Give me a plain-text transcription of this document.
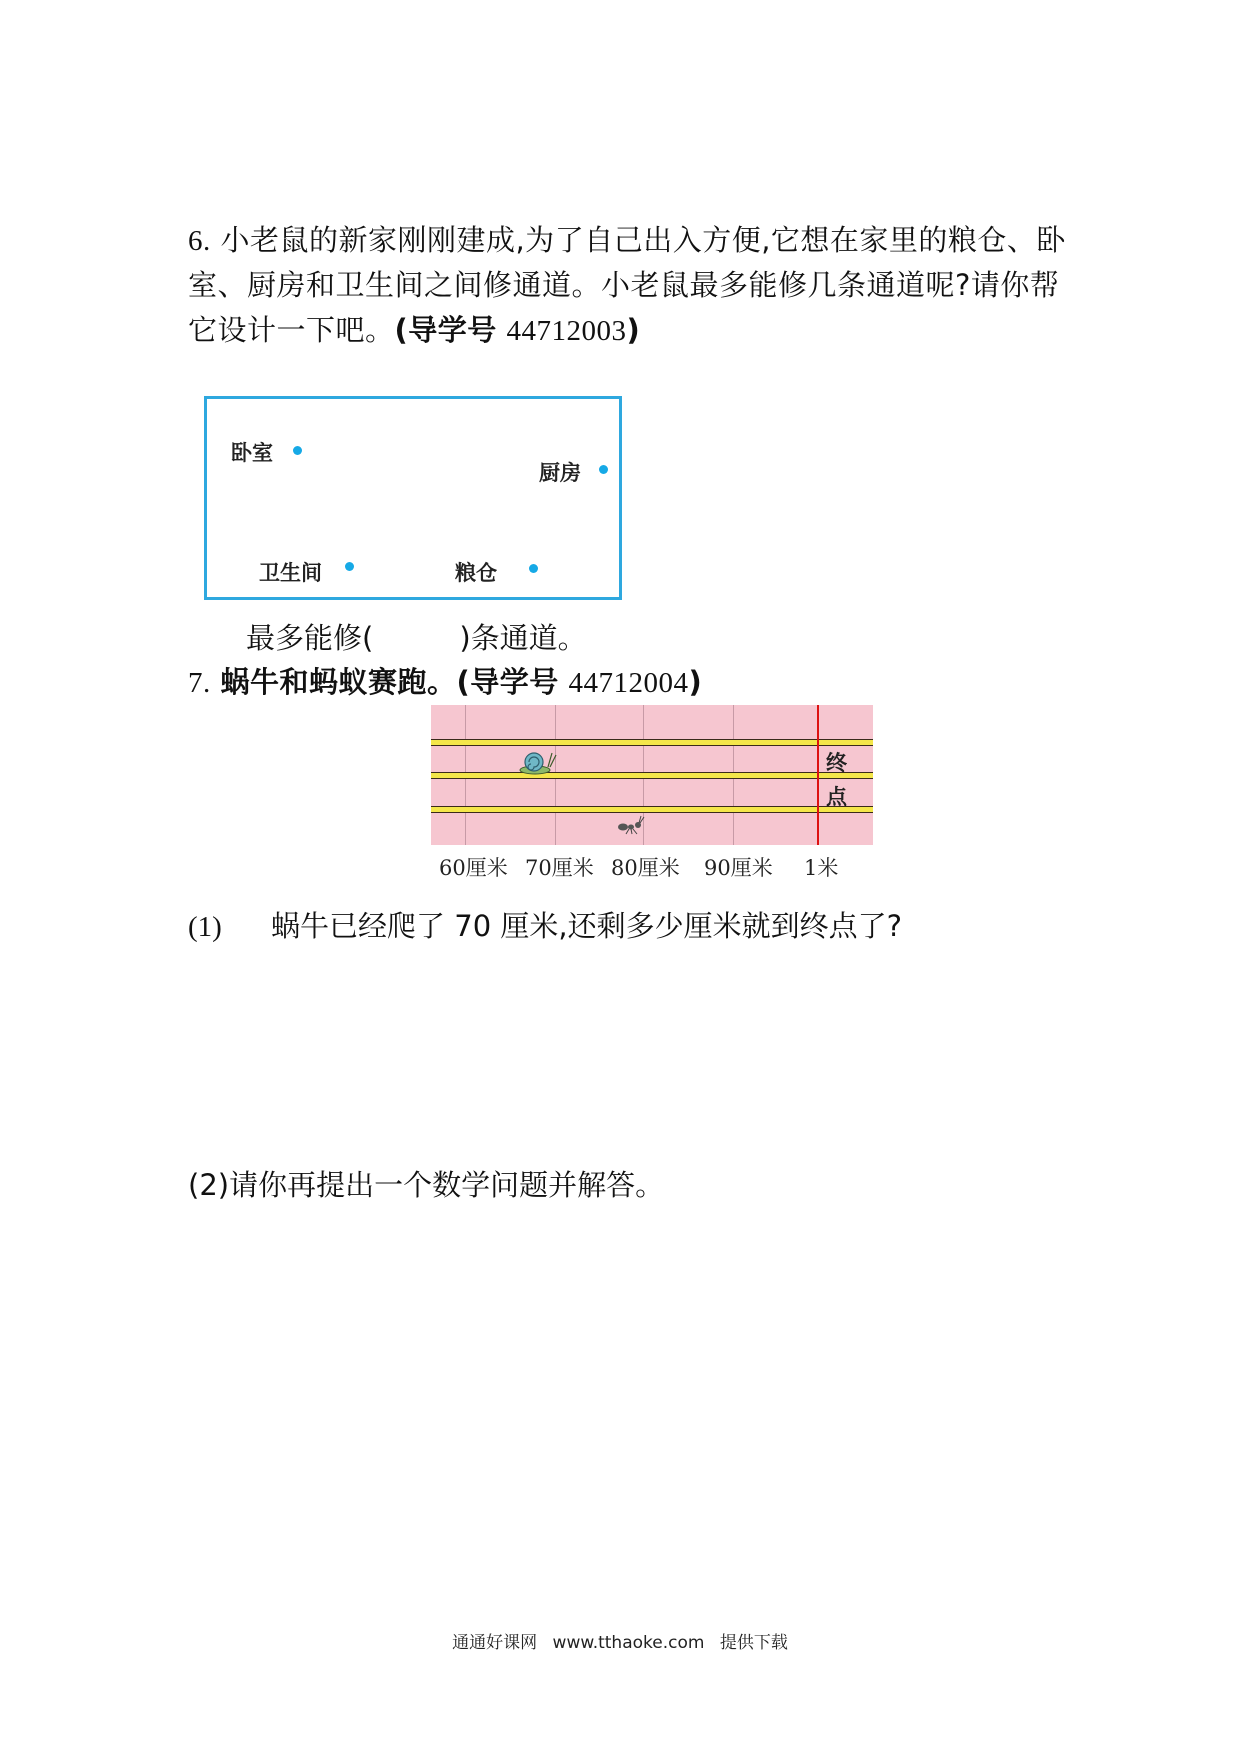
6. 小老鼠的新家刚刚建成,为了自己出入方便,它想在家里的粮仓、卧
室、厨房和卫生间之间修通道。小老鼠最多能修几条通道呢?请你帮
它设计一下吧。(导学号 44712003)
卧室
厨房
卫生间	粮仓
最多能修(	)条通道。
7. 蜗牛和蚂蚁赛跑。(导学号 44712004)
终
点
60厘米 70厘米 80厘米 90厘米 1米
(1) 蜗牛已经爬了 70 厘米,还剩多少厘米就到终点了?
(2)请你再提出一个数学问题并解答。
通通好课网 www.tthaoke.com 提供下载
